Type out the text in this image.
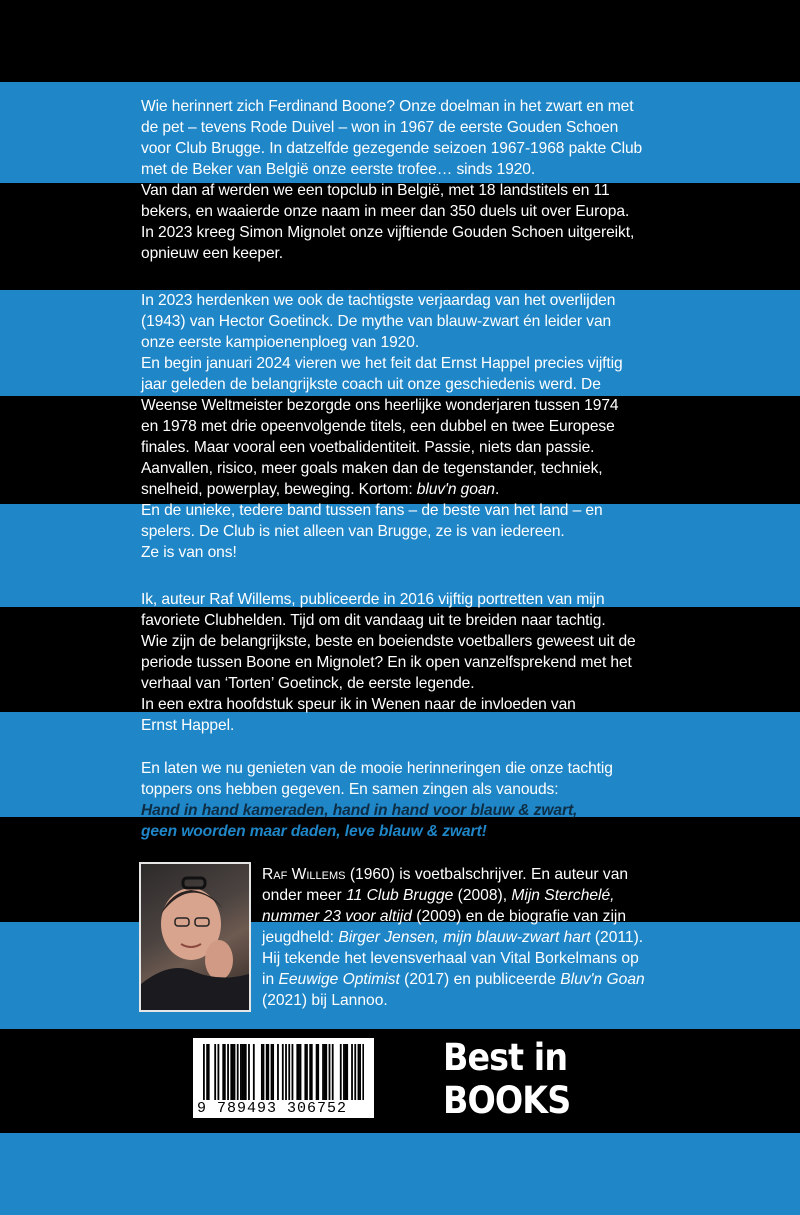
Wie herinnert zich Ferdinand Boone? Onze doelman in het zwart en met

de pet – tevens Rode Duivel – won in 1967 de eerste Gouden Schoen

voor Club Brugge. In datzelfde gezegende seizoen 1967-1968 pakte Club

met de Beker van België onze eerste trofee… sinds 1920.

Van dan af werden we een topclub in België, met 18 landstitels en 11

bekers, en waaierde onze naam in meer dan 350 duels uit over Europa.

In 2023 kreeg Simon Mignolet onze vijftiende Gouden Schoen uitgereikt,

opnieuw een keeper.

In 2023 herdenken we ook de tachtigste verjaardag van het overlijden

(1943) van Hector Goetinck. De mythe van blauw-zwart én leider van

onze eerste kampioenenploeg van 1920.

En begin januari 2024 vieren we het feit dat Ernst Happel precies vijftig

jaar geleden de belangrijkste coach uit onze geschiedenis werd. De

Weense Weltmeister bezorgde ons heerlijke wonderjaren tussen 1974

en 1978 met drie opeenvolgende titels, een dubbel en twee Europese

finales. Maar vooral een voetbalidentiteit. Passie, niets dan passie.

Aanvallen, risico, meer goals maken dan de tegenstander, techniek,

snelheid, powerplay, beweging. Kortom: bluv'n goan.

En de unieke, tedere band tussen fans – de beste van het land – en

spelers. De Club is niet alleen van Brugge, ze is van iedereen.

Ze is van ons!

Ik, auteur Raf Willems, publiceerde in 2016 vijftig portretten van mijn

favoriete Clubhelden. Tijd om dit vandaag uit te breiden naar tachtig.

Wie zijn de belangrijkste, beste en boeiendste voetballers geweest uit de

periode tussen Boone en Mignolet? En ik open vanzelfsprekend met het

verhaal van ‘Torten’ Goetinck, de eerste legende.

In een extra hoofdstuk speur ik in Wenen naar de invloeden van

Ernst Happel.

En laten we nu genieten van de mooie herinneringen die onze tachtig

toppers ons hebben gegeven. En samen zingen als vanouds:

Hand in hand kameraden, hand in hand voor blauw & zwart,

geen woorden maar daden, leve blauw & zwart!

Raf Willems (1960) is voetbalschrijver. En auteur van
onder meer 11 Club Brugge (2008), Mijn Sterchelé,
nummer 23 voor altijd (2009) en de biografie van zijn
jeugdheld: Birger Jensen, mijn blauw-zwart hart (2011).
Hij tekende het levensverhaal van Vital Borkelmans op
in Eeuwige Optimist (2017) en publiceerde Bluv'n Goan
(2021) bij Lannoo.
9 789493 306752
Best in
BOOKS
